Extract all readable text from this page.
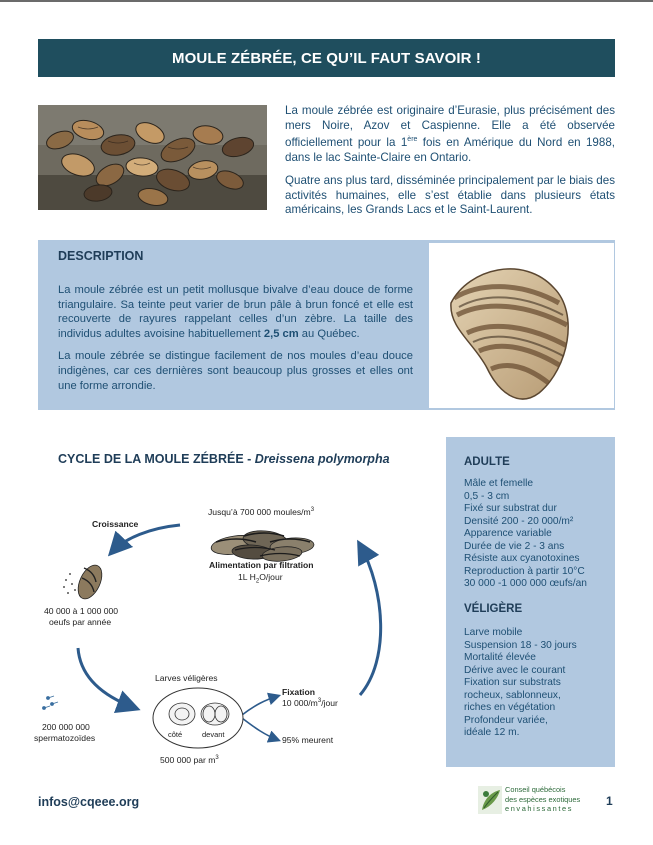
MOULE ZÉBRÉE, CE QU’IL FAUT SAVOIR !

La moule zébrée est originaire d’Eurasie, plus précisément des mers Noire, Azov et Caspienne. Elle a été observée officiellement pour la 1ère fois en Amérique du Nord en 1988, dans le lac Sainte-Claire en Ontario.

Quatre ans plus tard, disséminée principalement par le biais des activités humaines, elle s’est établie dans plusieurs états américains, les Grands Lacs et le Saint-Laurent.

DESCRIPTION

La moule zébrée est un petit mollusque bivalve d’eau douce de forme triangulaire. Sa teinte peut varier de brun pâle à brun foncé et elle est recouverte de rayures rappelant celles d’un zèbre. La taille des individus adultes avoisine habituellement 2,5 cm au Québec.

La moule zébrée se distingue facilement de nos moules d’eau douce indigènes, car ces dernières sont beaucoup plus grosses et elles ont une forme arrondie.

CYCLE DE LA MOULE ZÉBRÉE - Dreissena polymorpha
Jusqu’à 700 000 moules/$m^3$
Alimentation par filtration
1L $H_2O$/jour
Croissance
40 000 à 1 000 000
oeufs par année
200 000 000
spermatozoïdes
Larves véligères
côté	devant
500 000 par $m^3$
Fixation
10 $000/m^3$/jour
95% meurent
ADULTE
Mâle et femelle
0,5 - 3 cm
Fixé sur substrat dur
Densité 200 - 20 000/m²
Apparence variable
Durée de vie 2 - 3 ans
Résiste aux cyanotoxines
Reproduction à partir 10°C
30 000 -1 000 000 œufs/an
VÉLIGÈRE
Larve mobile
Suspension 18 - 30 jours
Mortalité élevée
Dérive avec le courant
Fixation sur substrats
rocheux, sablonneux,
riches en végétation
Profondeur variée,
idéale 12 m.
infos@cqeee.org
Conseil québécois
des espèces exotiques
envahissantes
1
